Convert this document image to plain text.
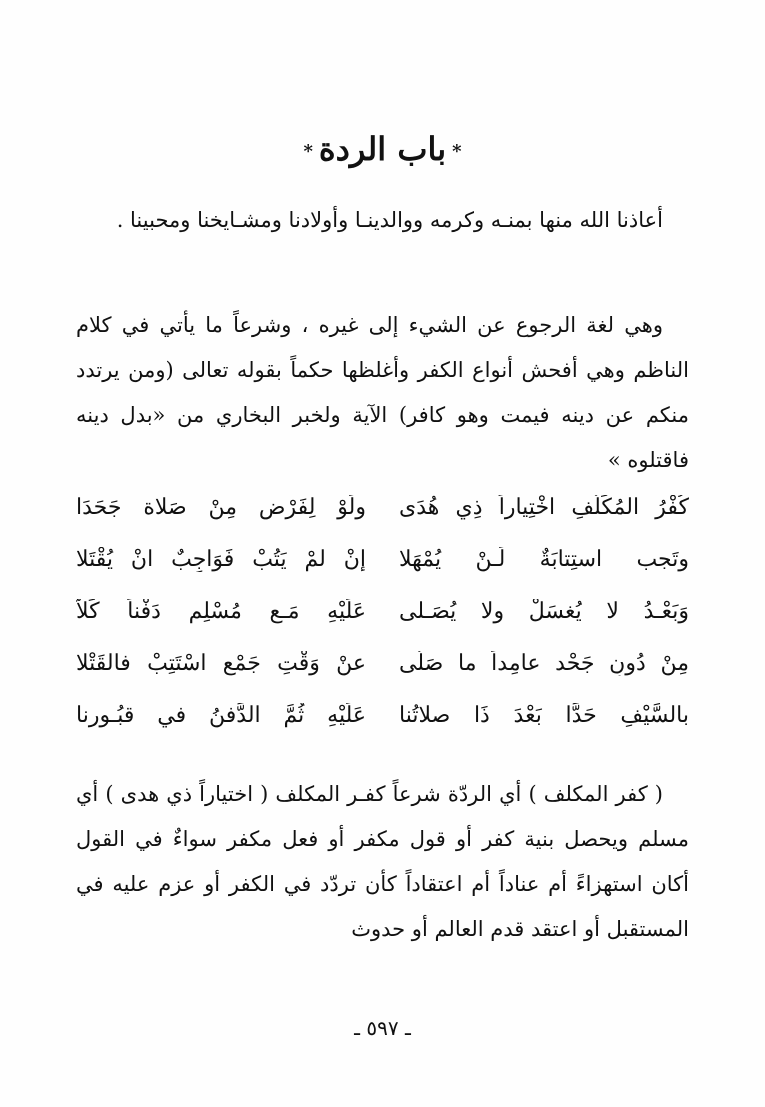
*باب الردة*

أعاذنا الله منها بمنـه وكرمه ووالدينـا وأولادنا ومشـايخنا ومحبينا .

وهي لغة الرجوع عن الشيء إلى غيره ، وشرعاً ما يأتي في كلام الناظم وهي أفحش أنواع الكفر وأغلظها حكماً بقوله تعالى (ومن يرتدد منكم عن دينه فيمت وهو كافر) الآية ولخبر البخاري من «بدل دينه فاقتلوه »

كُفْرُ المُكَلَّفِ اخْتِياراً ذِي هُدَى
ولَوْ لِفَرْضٍ مِنْ صَلاة جَحَدَا
وتَجب استِتابَةٌ لَـنْ يُمْهَلا
إنْ لمْ يَتُبْ فَوَاجِبٌ انْ يُقْتَلا
وَبَعْـدُ لا يُغسَلْ ولا يُصَـلى
عَلَيْهِ مَـع مُسْلِم دَفْناً كَلاَّ
مِنْ دُونِ جَحْد عامِداً ما صَلَّى
عنْ وَقْتِ جَمْع اسْتَتِبْ فالقَتْلا
بالسَّيْفِ حَدًّا بَعْدَ ذَا صلاتُنا
عَلَيْهِ ثُمَّ الدَّفنُ في قبُـورنا

( كفر المكلف ) أي الردّة شرعاً كفـر المكلف ( اختياراً ذي هدى ) أي مسلم ويحصل بنية كفر أو قول مكفر أو فعل مكفر سواءٌ في القول أكان استهزاءً أم عناداً أم اعتقاداً كأن تردّد في الكفر أو عزم عليه في المستقبل أو اعتقد قدم العالم أو حدوث

ـ ٥٩٧ ـ
